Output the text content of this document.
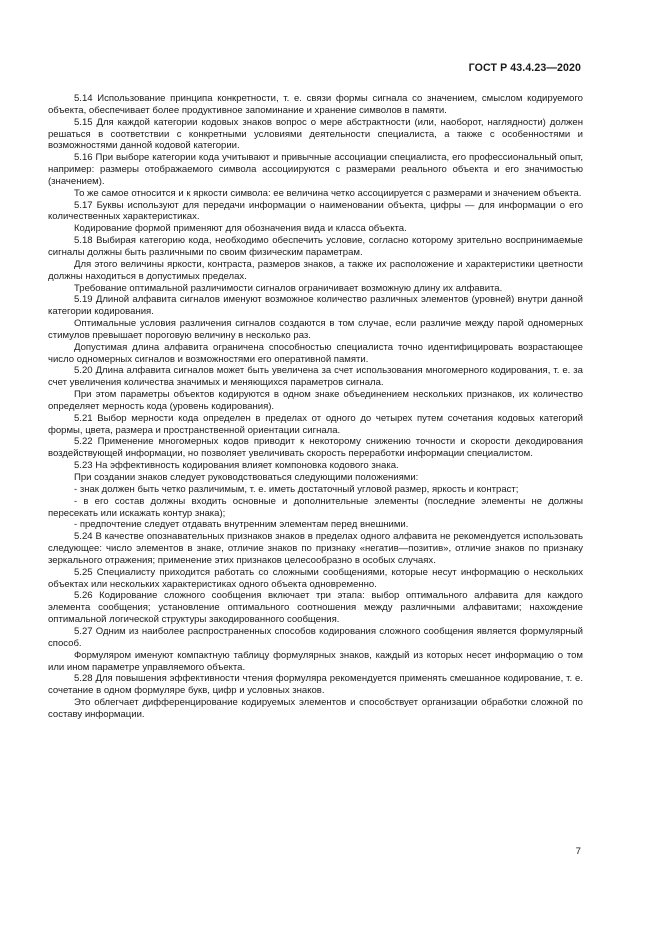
ГОСТ Р 43.4.23—2020

5.14 Использование принципа конкретности, т. е. связи формы сигнала со значением, смыслом кодируемого объекта, обеспечивает более продуктивное запоминание и хранение символов в памяти.

5.15 Для каждой категории кодовых знаков вопрос о мере абстрактности (или, наоборот, наглядности) должен решаться в соответствии с конкретными условиями деятельности специалиста, а также с особенностями и возможностями данной кодовой категории.

5.16 При выборе категории кода учитывают и привычные ассоциации специалиста, его профессиональный опыт, например: размеры отображаемого символа ассоциируются с размерами реального объекта и его значимостью (значением).

То же самое относится и к яркости символа: ее величина четко ассоциируется с размерами и значением объекта.

5.17 Буквы используют для передачи информации о наименовании объекта, цифры — для информации о его количественных характеристиках.

Кодирование формой применяют для обозначения вида и класса объекта.

5.18 Выбирая категорию кода, необходимо обеспечить условие, согласно которому зрительно воспринимаемые сигналы должны быть различными по своим физическим параметрам.

Для этого величины яркости, контраста, размеров знаков, а также их расположение и характеристики цветности должны находиться в допустимых пределах.

Требование оптимальной различимости сигналов ограничивает возможную длину их алфавита.

5.19 Длиной алфавита сигналов именуют возможное количество различных элементов (уровней) внутри данной категории кодирования.

Оптимальные условия различения сигналов создаются в том случае, если различие между парой одномерных стимулов превышает пороговую величину в несколько раз.

Допустимая длина алфавита ограничена способностью специалиста точно идентифицировать возрастающее число одномерных сигналов и возможностями его оперативной памяти.

5.20 Длина алфавита сигналов может быть увеличена за счет использования многомерного кодирования, т. е. за счет увеличения количества значимых и меняющихся параметров сигнала.

При этом параметры объектов кодируются в одном знаке объединением нескольких признаков, их количество определяет мерность кода (уровень кодирования).

5.21 Выбор мерности кода определен в пределах от одного до четырех путем сочетания кодовых категорий формы, цвета, размера и пространственной ориентации сигнала.

5.22 Применение многомерных кодов приводит к некоторому снижению точности и скорости декодирования воздействующей информации, но позволяет увеличивать скорость переработки информации специалистом.

5.23 На эффективность кодирования влияет компоновка кодового знака.

При создании знаков следует руководствоваться следующими положениями:

- знак должен быть четко различимым, т. е. иметь достаточный угловой размер, яркость и контраст;

- в его состав должны входить основные и дополнительные элементы (последние элементы не должны пересекать или искажать контур знака);

- предпочтение следует отдавать внутренним элементам перед внешними.

5.24 В качестве опознавательных признаков знаков в пределах одного алфавита не рекомендуется использовать следующее: число элементов в знаке, отличие знаков по признаку «негатив—позитив», отличие знаков по признаку зеркального отражения; применение этих признаков целесообразно в особых случаях.

5.25 Специалисту приходится работать со сложными сообщениями, которые несут информацию о нескольких объектах или нескольких характеристиках одного объекта одновременно.

5.26 Кодирование сложного сообщения включает три этапа: выбор оптимального алфавита для каждого элемента сообщения; установление оптимального соотношения между различными алфавитами; нахождение оптимальной логической структуры закодированного сообщения.

5.27 Одним из наиболее распространенных способов кодирования сложного сообщения является формулярный способ.

Формуляром именуют компактную таблицу формулярных знаков, каждый из которых несет информацию о том или ином параметре управляемого объекта.

5.28 Для повышения эффективности чтения формуляра рекомендуется применять смешанное кодирование, т. е. сочетание в одном формуляре букв, цифр и условных знаков.

Это облегчает дифференцирование кодируемых элементов и способствует организации обработки сложной по составу информации.

7
